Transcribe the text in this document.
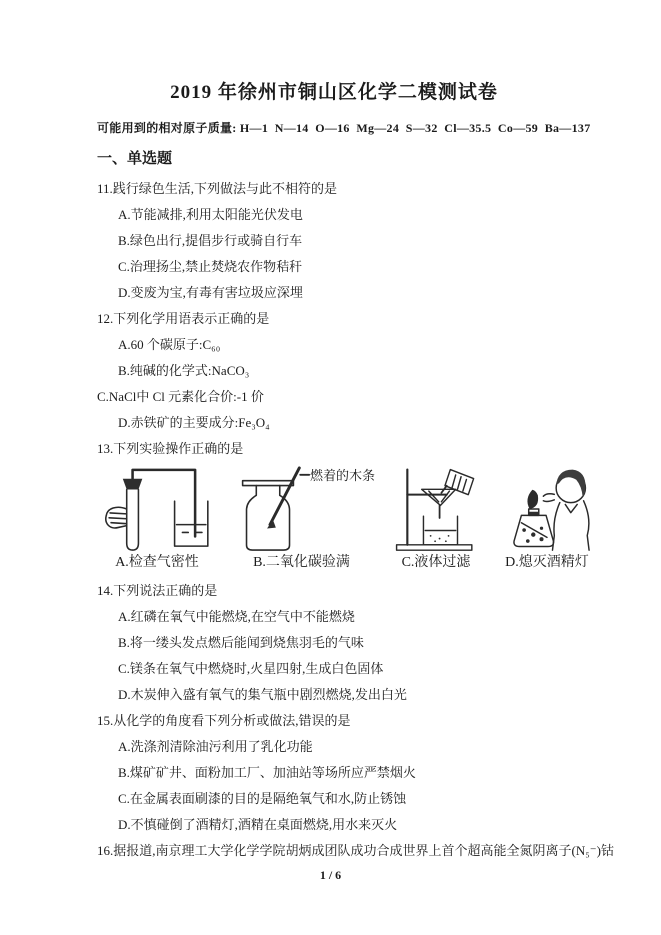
2019 年徐州市铜山区化学二模测试卷
可能用到的相对原子质量: H—1  N—14  O—16  Mg—24  S—32  Cl—35.5  Co—59  Ba—137
一、单选题
11.践行绿色生活,下列做法与此不相符的是
A.节能减排,利用太阳能光伏发电
B.绿色出行,提倡步行或骑自行车
C.治理扬尘,禁止焚烧农作物秸秆
D.变废为宝,有毒有害垃圾应深埋
12.下列化学用语表示正确的是
A.60 个碳原子:C₆₀
B.纯碱的化学式:NaCO₃
C.NaCl中 Cl 元素化合价:-1 价
D.赤铁矿的主要成分:Fe₃O₄
13.下列实验操作正确的是
A.检查气密性
燃着的木条
B.二氧化碳验满	C.液体过滤 D.熄灭酒精灯
14.下列说法正确的是
A.红磷在氧气中能燃烧,在空气中不能燃烧
B.将一缕头发点燃后能闻到烧焦羽毛的气味
C.镁条在氧气中燃烧时,火星四射,生成白色固体
D.木炭伸入盛有氧气的集气瓶中剧烈燃烧,发出白光
15.从化学的角度看下列分析或做法,错误的是
A.洗涤剂清除油污利用了乳化功能
B.煤矿矿井、面粉加工厂、加油站等场所应严禁烟火
C.在金属表面刷漆的目的是隔绝氧气和水,防止锈蚀
D.不慎碰倒了酒精灯,酒精在桌面燃烧,用水来灭火
16.据报道,南京理工大学化学学院胡炳成团队成功合成世界上首个超高能全氮阴离子(N₅⁻)钴
1 / 6
